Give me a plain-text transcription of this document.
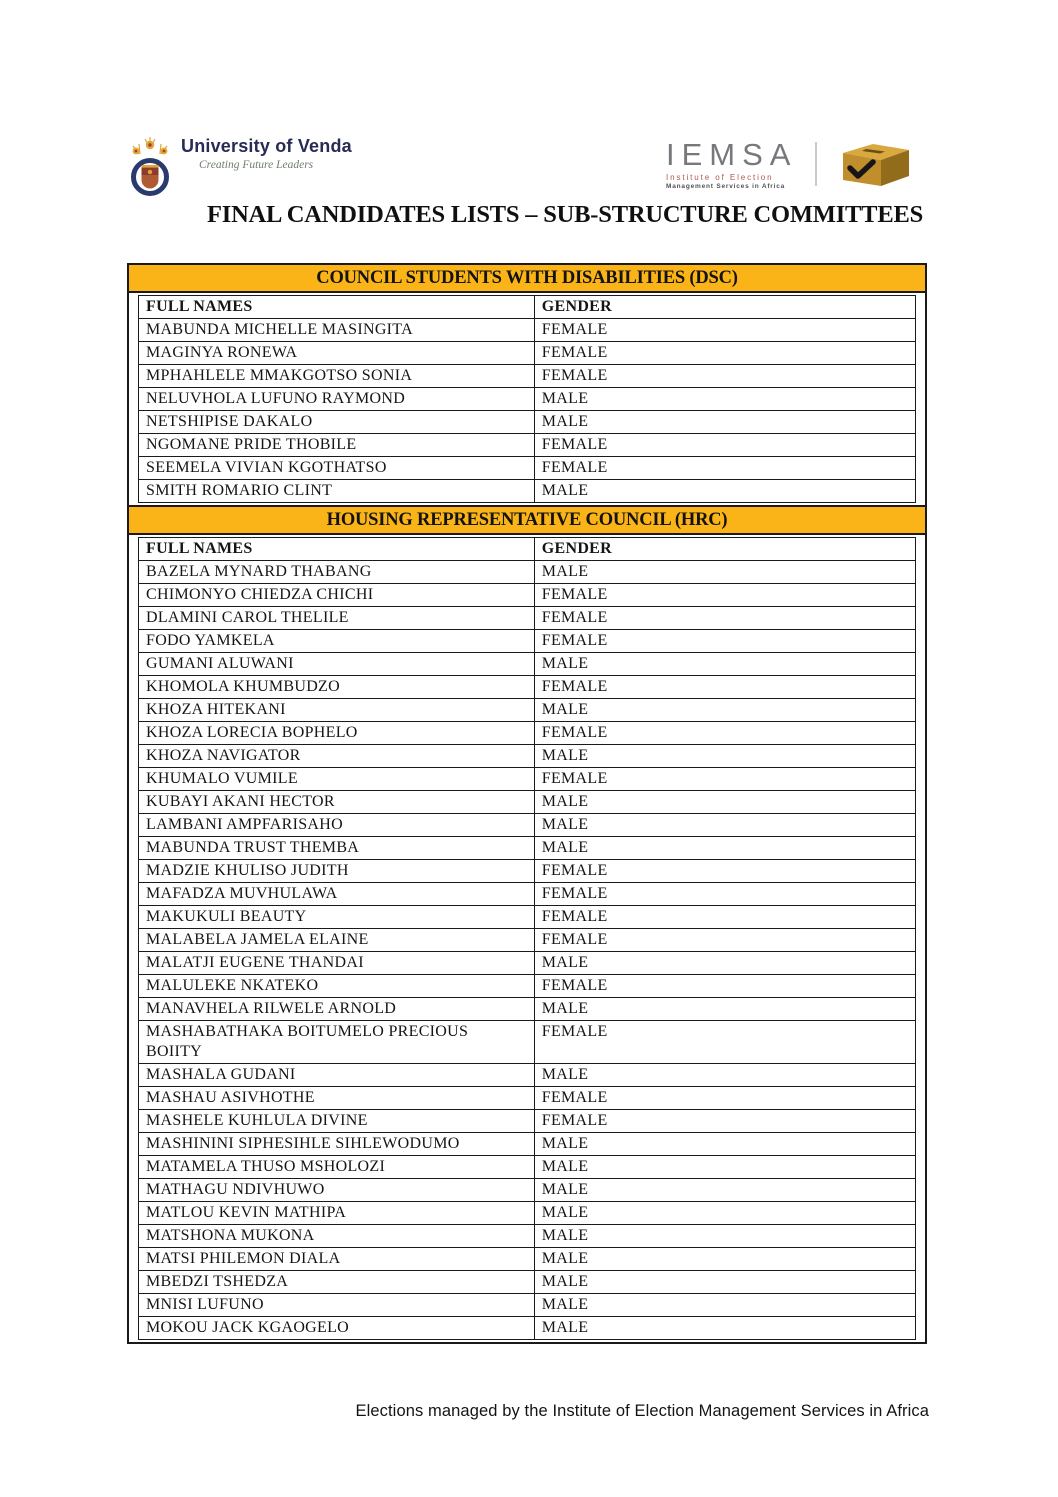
University of Venda
Creating Future Leaders	IEMSA
Institute of Election
Management Services in Africa
FINAL CANDIDATES LISTS – SUB-STRUCTURE COMMITTEES
COUNCIL STUDENTS WITH DISABILITIES (DSC)
FULL NAMES	GENDER
MABUNDA MICHELLE MASINGITA	FEMALE
MAGINYA RONEWA	FEMALE
MPHAHLELE MMAKGOTSO SONIA	FEMALE
NELUVHOLA LUFUNO RAYMOND	MALE
NETSHIPISE DAKALO	MALE
NGOMANE PRIDE THOBILE	FEMALE
SEEMELA VIVIAN KGOTHATSO	FEMALE
SMITH ROMARIO CLINT	MALE
HOUSING REPRESENTATIVE COUNCIL (HRC)
FULL NAMES	GENDER
BAZELA MYNARD THABANG	MALE
CHIMONYO CHIEDZA CHICHI	FEMALE
DLAMINI CAROL THELILE	FEMALE
FODO YAMKELA	FEMALE
GUMANI ALUWANI	MALE
KHOMOLA KHUMBUDZO	FEMALE
KHOZA HITEKANI	MALE
KHOZA LORECIA BOPHELO	FEMALE
KHOZA NAVIGATOR	MALE
KHUMALO VUMILE	FEMALE
KUBAYI AKANI HECTOR	MALE
LAMBANI AMPFARISAHO	MALE
MABUNDA TRUST THEMBA	MALE
MADZIE KHULISO JUDITH	FEMALE
MAFADZA MUVHULAWA	FEMALE
MAKUKULI BEAUTY	FEMALE
MALABELA JAMELA ELAINE	FEMALE
MALATJI EUGENE THANDAI	MALE
MALULEKE NKATEKO	FEMALE
MANAVHELA RILWELE ARNOLD	MALE
MASHABATHAKA BOITUMELO PRECIOUS BOIITY
FEMALE
MASHALA GUDANI	MALE
MASHAU ASIVHOTHE	FEMALE
MASHELE KUHLULA DIVINE	FEMALE
MASHININI SIPHESIHLE SIHLEWODUMO	MALE
MATAMELA THUSO MSHOLOZI	MALE
MATHAGU NDIVHUWO	MALE
MATLOU KEVIN MATHIPA	MALE
MATSHONA MUKONA	MALE
MATSI PHILEMON DIALA	MALE
MBEDZI TSHEDZA	MALE
MNISI LUFUNO	MALE
MOKOU JACK KGAOGELO	MALE
Elections managed by the Institute of Election Management Services in Africa
